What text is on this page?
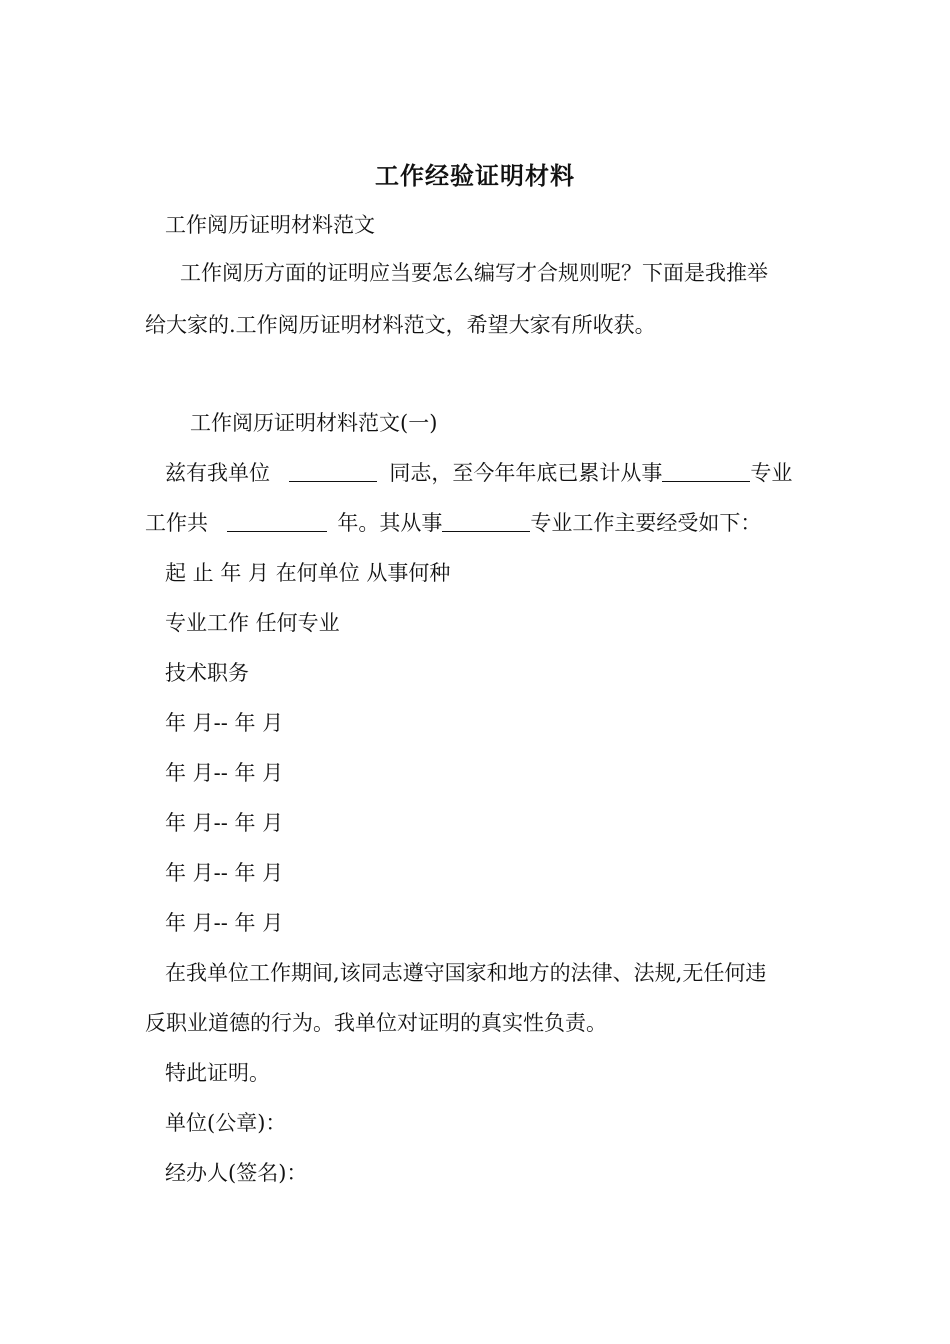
工作经验证明材料
工作阅历证明材料范文
工作阅历方面的证明应当要怎么编写才合规则呢？下面是我推举
给大家的.工作阅历证明材料范文，希望大家有所收获。
工作阅历证明材料范文(一)
兹有我单位	同志，至今年年底已累计从事	专业
工作共	年。其从事	专业工作主要经受如下：
起 止 年 月 在何单位 从事何种
专业工作 任何专业
技术职务
年 月-- 年 月
年 月-- 年 月
年 月-- 年 月
年 月-- 年 月
年 月-- 年 月
在我单位工作期间,该同志遵守国家和地方的法律、法规,无任何违
反职业道德的行为。我单位对证明的真实性负责。
特此证明。
单位(公章)：
经办人(签名)：
